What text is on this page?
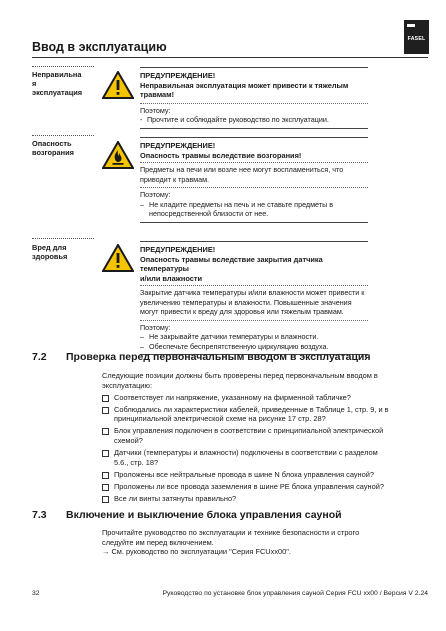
FASEL
Ввод в эксплуатацию
Неправильна
я
эксплуатация
ПРЕДУПРЕЖДЕНИЕ!
Неправильная эксплуатация может привести к тяжелым
травмам!
Поэтому:
- Прочтите и соблюдайте руководство по эксплуатации.
Опасность
возгорания
ПРЕДУПРЕЖДЕНИЕ!
Опасность травмы вследствие возгорания!
Предметы на печи или возле нее могут воспламениться, что
приводит к травмам.
Поэтому:
– Не кладите предметы на печь и не ставьте предметы в
непосредственной близости от нее.
Вред для
здоровья
ПРЕДУПРЕЖДЕНИЕ!
Опасность травмы вследствие закрытия датчика температуры
и/или влажности
Закрытие датчика температуры и/или влажности может привести к
увеличению температуры и влажности. Повышенные значения
могут привести к вреду для здоровья или тяжелым травмам.
Поэтому:
– Не закрывайте датчики температуры и влажности.
– Обеспечьте беспрепятственную циркуляцию воздуха.
7.2 Проверка перед первоначальным вводом в эксплуатация
Следующие позиции должны быть проверены перед первоначальным вводом в
эксплуатацию:
Соответствует ли напряжение, указанному на фирменной табличке?
Соблюдались ли характеристики кабелей, приведенные в Таблице 1, стр. 9, и в
принципиальной электрической схеме на рисунке 17 стр. 28?
Блок управления подключен в соответствии с принципиальной электрической
схемой?
Датчики (температуры и влажности) подключены в соответствии с разделом
5.6., стр. 18?
Проложены все нейтральные провода в шине N блока управления сауной?
Проложены ли все провода заземления в шине PE блока управления сауной?
Все ли винты затянуты правильно?
7.3 Включение и выключение блока управления сауной
Прочитайте руководство по эксплуатации и технике безопасности и строго
следуйте им перед включением.
→ См. руководство по эксплуатации "Серия FCUxx00".
32	Руководство по установке блок управления сауной Серия FCU xx00 / Версия V 2.24
